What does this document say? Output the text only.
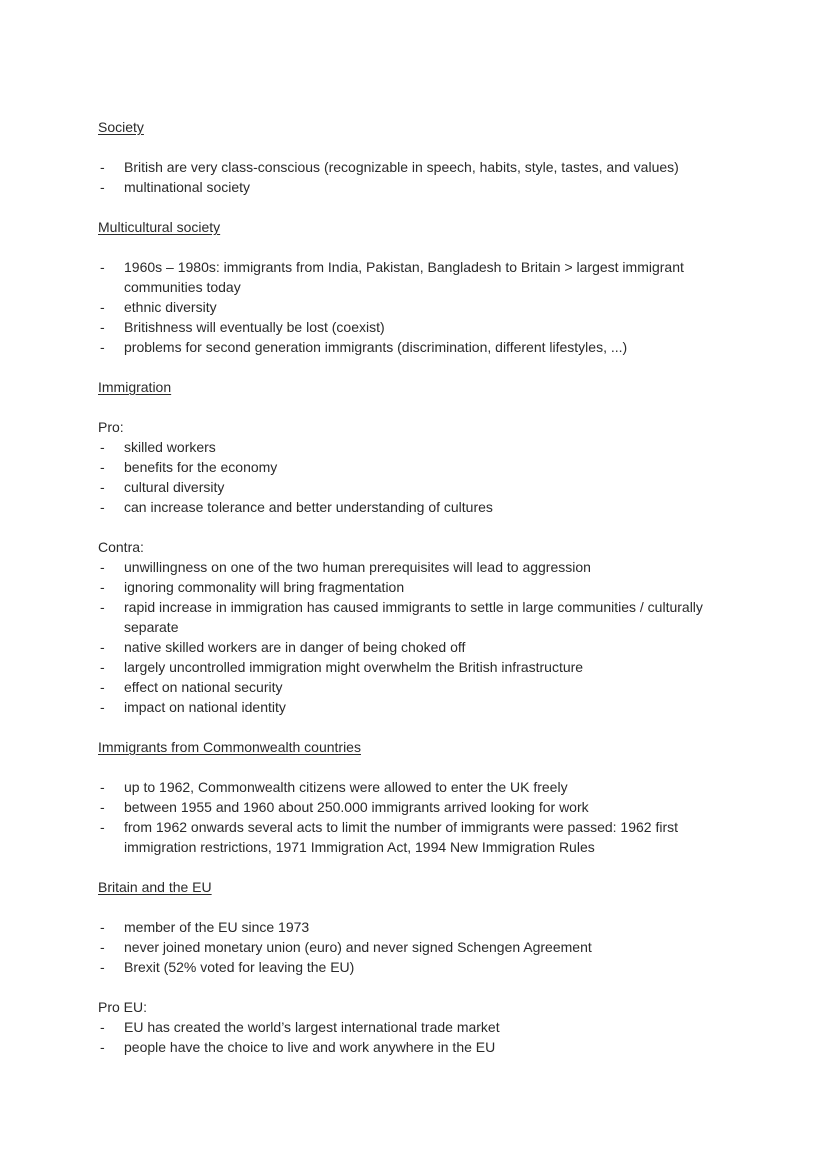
Society

- British are very class-conscious (recognizable in speech, habits, style, tastes, and values)
- multinational society

Multicultural society

- 1960s – 1980s: immigrants from India, Pakistan, Bangladesh to Britain > largest immigrant communities today
- ethnic diversity
- Britishness will eventually be lost (coexist)
- problems for second generation immigrants (discrimination, different lifestyles, ...)

Immigration

Pro:

- skilled workers
- benefits for the economy
- cultural diversity
- can increase tolerance and better understanding of cultures

Contra:

- unwillingness on one of the two human prerequisites will lead to aggression
- ignoring commonality will bring fragmentation
- rapid increase in immigration has caused immigrants to settle in large communities / culturally separate
- native skilled workers are in danger of being choked off
- largely uncontrolled immigration might overwhelm the British infrastructure
- effect on national security
- impact on national identity

Immigrants from Commonwealth countries

- up to 1962, Commonwealth citizens were allowed to enter the UK freely
- between 1955 and 1960 about 250.000 immigrants arrived looking for work
- from 1962 onwards several acts to limit the number of immigrants were passed: 1962 first immigration restrictions, 1971 Immigration Act, 1994 New Immigration Rules

Britain and the EU

- member of the EU since 1973
- never joined monetary union (euro) and never signed Schengen Agreement
- Brexit (52% voted for leaving the EU)

Pro EU:

- EU has created the world’s largest international trade market
- people have the choice to live and work anywhere in the EU
